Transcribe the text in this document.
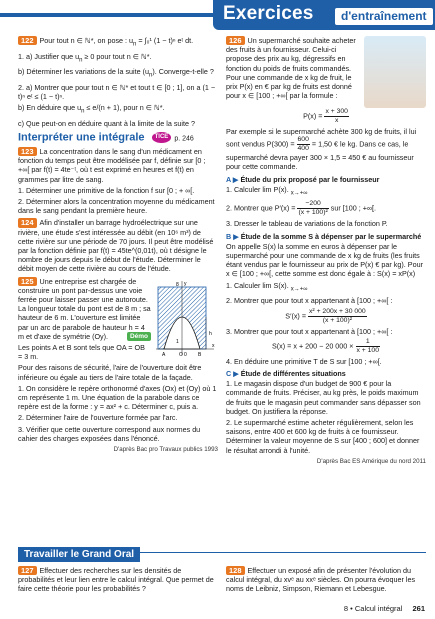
Exercices	d'entraînement

122 Pour tout n ∈ ℕ*, on pose : $u_n = \int_0^1$ (1 − t)ⁿ eᵗ dt.

1. a) Justifier que $u_n \ge 0$ pour tout n ∈ ℕ*.

b) Déterminer les variations de la suite $(u_n)$. Converge-t-elle ?

2. a) Montrer que pour tout n ∈ ℕ* et tout t ∈ [0 ; 1], on a (1 − t)ⁿ eᵗ ≤ (1 − t)ⁿ.

b) En déduire que $u_n \le e/(n + 1)$, pour n ∈ ℕ*.

c) Que peut-on en déduire quant à la limite de la suite ?

Interpréter une intégrale TICE p. 246

123 La concentration dans le sang d'un médicament en fonction du temps peut être modélisée par f, définie sur [0 ; +∞[ par f(t) = 4te⁻ᵗ, où t est exprimé en heures et f(t) en grammes par litre de sang.

1. Déterminer une primitive de la fonction f sur [0 ; + ∞[.

2. Déterminer alors la concentration moyenne du médicament dans le sang pendant la première heure.

124 Afin d'installer un barrage hydroélectrique sur une rivière, une étude s'est intéressée au débit (en 10⁶ m³) de cette rivière sur une période de 70 jours. Il peut être modélisé par la fonction définie par f(t) = 45te^(0,01t), où t désigne le nombre de jours depuis le début de l'étude. Déterminer le débit moyen de cette rivière au cours de l'étude.

y
8
h
x
1
A	O 0 B

125 Une entreprise est chargée de construire un pont par-dessus une voie ferrée pour laisser passer une autoroute. La longueur totale du pont est de 8 m ; sa hauteur de 6 m. L'ouverture est limitée par un arc de parabole de hauteur h = 4 m et d'axe de symétrie (Oy).	Démo

Les points A et B sont tels que OA = OB = 3 m.

Pour des raisons de sécurité, l'aire de l'ouverture doit être inférieure ou égale au tiers de l'aire totale de la façade.

1. On considère le repère orthonormé d'axes (Ox) et (Oy) où 1 cm représente 1 m. Une équation de la parabole dans ce repère est de la forme : y = ax² + c. Déterminer c, puis a.

2. Déterminer l'aire de l'ouverture formée par l'arc.

3. Vérifier que cette ouverture correspond aux normes du cahier des charges exposées dans l'énoncé.

D'après Bac pro Travaux publics 1993

126 Un supermarché souhaite acheter des fruits à un fournisseur. Celui-ci propose des prix au kg, dégressifs en fonction du poids de fruits commandés. Pour une commande de x kg de fruit, le prix P(x) en € par kg de fruits est donné pour x ∈ [100 ; +∞[ par la formule :

$P(x) = \frac{x + 300}{x}$

Par exemple si le supermarché achète 300 kg de fruits, il lui sont vendus $P(300) = \frac{600}{400} = 1,50$ € le kg. Dans ce cas, le supermarché devra payer 300 × 1,5 = 450 € au fournisseur pour cette commande.

A ▶ Étude du prix proposé par le fournisseur

1. Calculer lim P(x). $_{x\to+\infty}$

2. Montrer que $P'(x) = \frac{-200}{\text{(x + 100)²}}$ sur [100 ; +∞[.

3. Dresser le tableau de variations de la fonction P.

B ▶ Étude de la somme S à dépenser par le supermarché

On appelle S(x) la somme en euros à dépenser par le supermarché pour une commande de x kg de fruits (les fruits étant vendus par le fournisseur au prix de P(x) € par kg). Pour x ∈ [100 ; +∞[, cette somme est donc égale à : S(x) = xP(x)

1. Calculer lim S(x). $_{x\to+\infty}$

2. Montrer que pour tout x appartenant à [100 ; +∞[ :

$S'(x) = \frac{\text{x² + 200x + 30 000}}{\text{(x + 100)²}}$

3. Montrer que pour tout x appartenant à [100 ; +∞[ :

S(x) = x + 200 − 20 $000 \times \frac{1}{x + 100}$

4. En déduire une primitive T de S sur [100 ; +∞[.

C ▶ Étude de différentes situations

1. Le magasin dispose d'un budget de 900 € pour la commande de fruits. Préciser, au kg près, le poids maximum de fruits que le magasin peut commander sans dépasser son budget. On justifiera la réponse.

2. Le supermarché estime acheter régulièrement, selon les saisons, entre 400 et 600 kg de fruits à ce fournisseur. Déterminer la valeur moyenne de S sur [400 ; 600] et donner le résultat arrondi à l'unité.

D'après Bac ES Amérique du nord 2011

Travailler le Grand Oral
127 Effectuer des recherches sur les densités de probabilités et leur lien entre le calcul intégral. Que permet de faire cette théorie pour les probabilités ?
128 Effectuer un exposé afin de présenter l'évolution du calcul intégral, du xvᵉ au xxᵉ siècles. On pourra évoquer les noms de Leibniz, Simpson, Riemann et Lebesgue.
8 • Calcul intégral 261
